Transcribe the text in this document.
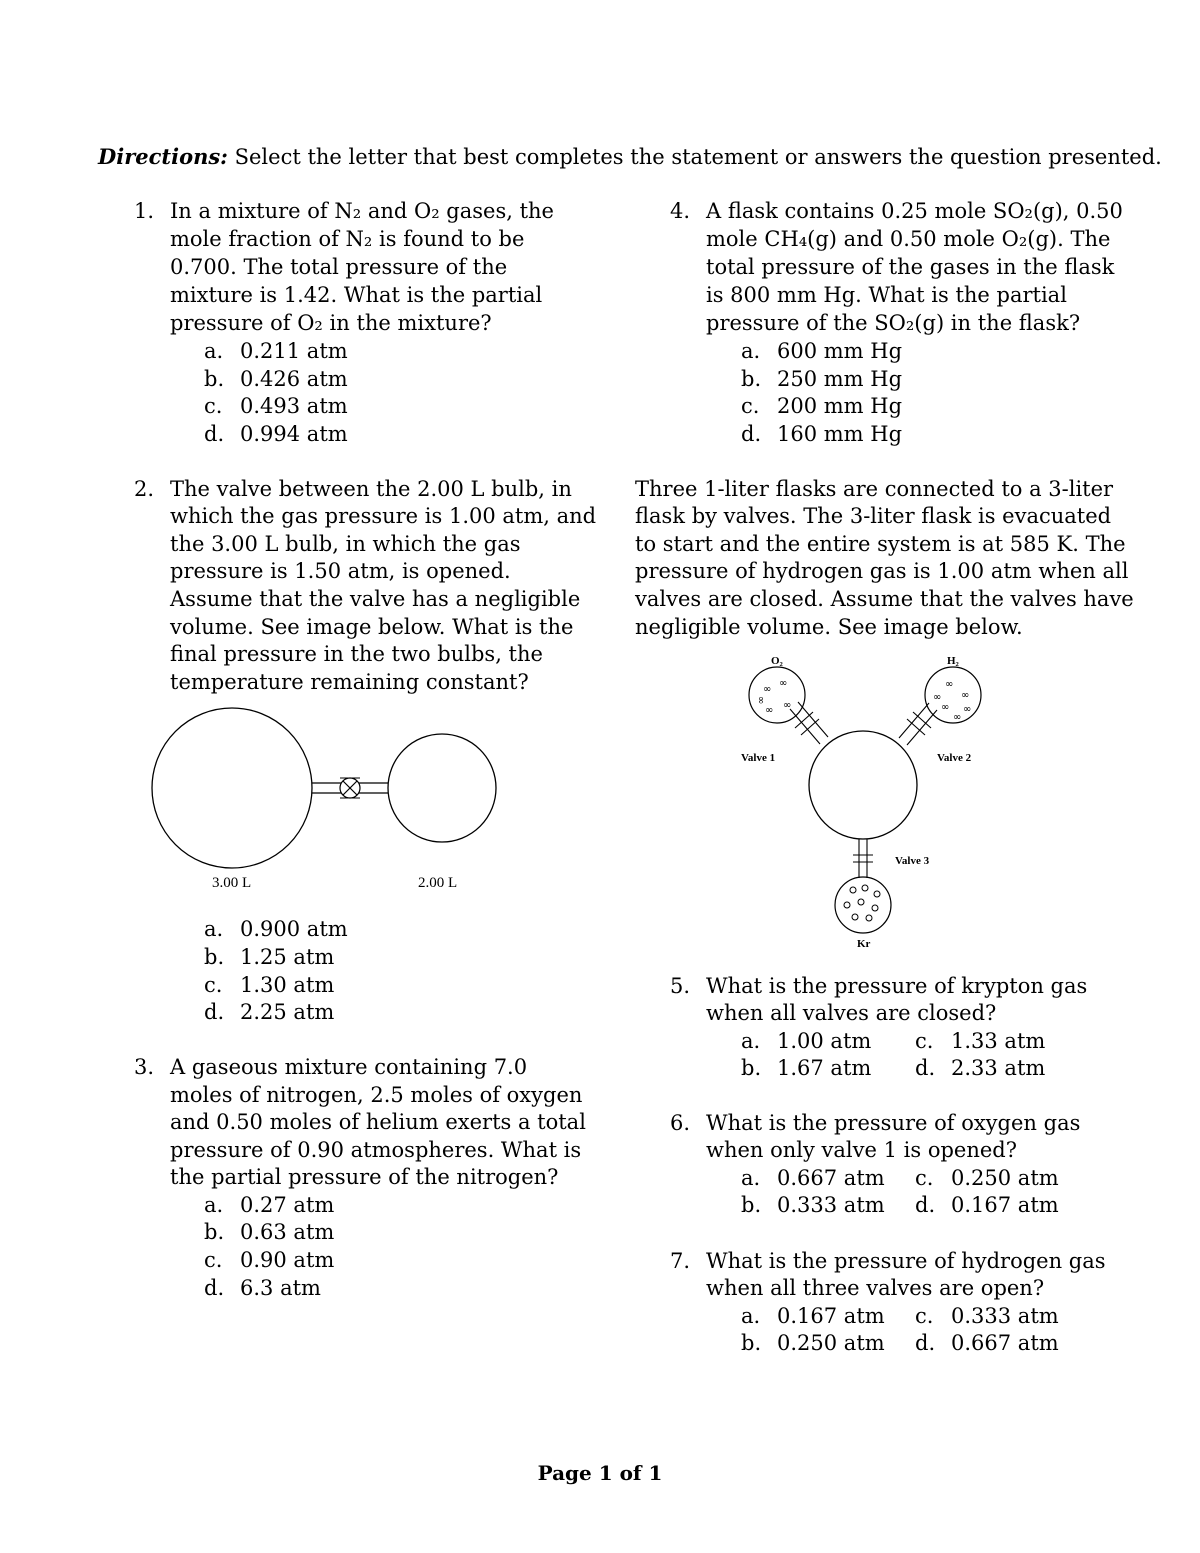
Directions: Select the letter that best completes the statement or answers the question presented.
1. In a mixture of N₂ and O₂ gases, the
mole fraction of N₂ is found to be
0.700. The total pressure of the
mixture is 1.42. What is the partial
pressure of O₂ in the mixture?
a. 0.211 atm
b. 0.426 atm
c. 0.493 atm
d. 0.994 atm
2. The valve between the 2.00 L bulb, in
which the gas pressure is 1.00 atm, and
the 3.00 L bulb, in which the gas
pressure is 1.50 atm, is opened.
Assume that the valve has a negligible
volume. See image below. What is the
final pressure in the two bulbs, the
temperature remaining constant?
3.00 L	2.00 L
a. 0.900 atm
b. 1.25 atm
c. 1.30 atm
d. 2.25 atm
3. A gaseous mixture containing 7.0
moles of nitrogen, 2.5 moles of oxygen
and 0.50 moles of helium exerts a total
pressure of 0.90 atmospheres. What is
the partial pressure of the nitrogen?
a. 0.27 atm
b. 0.63 atm
c. 0.90 atm
d. 6.3 atm
4. A flask contains 0.25 mole SO₂(g), 0.50
mole CH₄(g) and 0.50 mole O₂(g). The
total pressure of the gases in the flask
is 800 mm Hg. What is the partial
pressure of the SO₂(g) in the flask?
a. 600 mm Hg
b. 250 mm Hg
c. 200 mm Hg
d. 160 mm Hg
Three 1-liter flasks are connected to a 3-liter
flask by valves. The 3-liter flask is evacuated
to start and the entire system is at 585 K. The
pressure of hydrogen gas is 1.00 atm when all
valves are closed. Assume that the valves have
negligible volume. See image below.
∞
∞
∞
∞
∞
O₂
∞
∞ ∞
∞
∞
∞
H₂
Kr
Valve 1	Valve 2
Valve 3
5. What is the pressure of krypton gas
when all valves are closed?
a. 1.00 atm c. 1.33 atm
b. 1.67 atm d. 2.33 atm
6. What is the pressure of oxygen gas
when only valve 1 is opened?
a. 0.667 atm c. 0.250 atm
b. 0.333 atm d. 0.167 atm
7. What is the pressure of hydrogen gas
when all three valves are open?
a. 0.167 atm c. 0.333 atm
b. 0.250 atm d. 0.667 atm
Page 1 of 1
